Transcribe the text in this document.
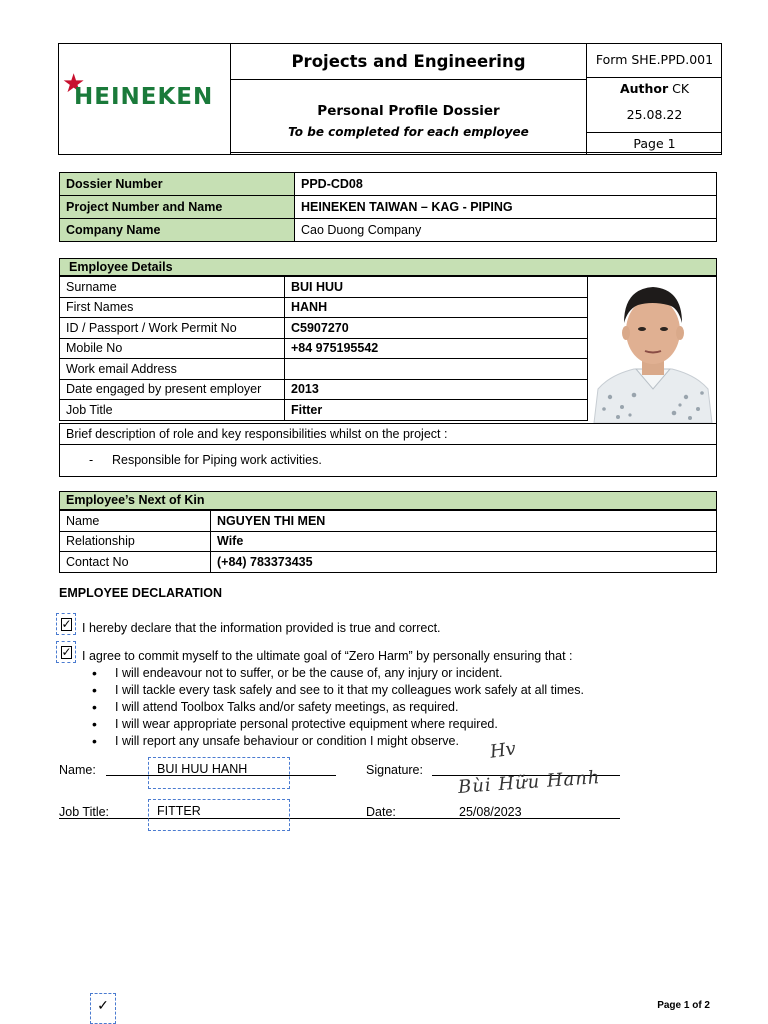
★
HEINEKEN
Projects and Engineering
Personal Profile Dossier
To be completed for each employee
Form SHE.PPD.001
Author CK
25.08.22
Page 1
Dossier Number	PPD-CD08
Project Number and Name	HEINEKEN TAIWAN – KAG - PIPING
Company Name	Cao Duong Company
Employee Details
Surname	BUI HUU
First Names	HANH
ID / Passport / Work Permit No	C5907270
Mobile No	+84 975195542
Work email Address	
Date engaged by present employer	2013
Job Title	Fitter
Brief description of role and key responsibilities whilst on the project :
- Responsible for Piping work activities.
Employee’s Next of Kin
Name	NGUYEN THI MEN
Relationship	Wife
Contact No	(+84) 783373435
EMPLOYEE DECLARATION
✓ I hereby declare that the information provided is true and correct.
✓ I agree to commit myself to the ultimate goal of “Zero Harm” by personally ensuring that :
• I will endeavour not to suffer, or be the cause of, any injury or incident.
• I will tackle every task safely and see to it that my colleagues work safely at all times.
• I will attend Toolbox Talks and/or safety meetings, as required.
• I will wear appropriate personal protective equipment where required.
• I will report any unsafe behaviour or condition I might observe.
Name:	BUI HUU HANH	Signature:
Hv
Bùi Hữu Hanh
Job Title:	FITTER	Date:	25/08/2023
✓	Page 1 of 2
